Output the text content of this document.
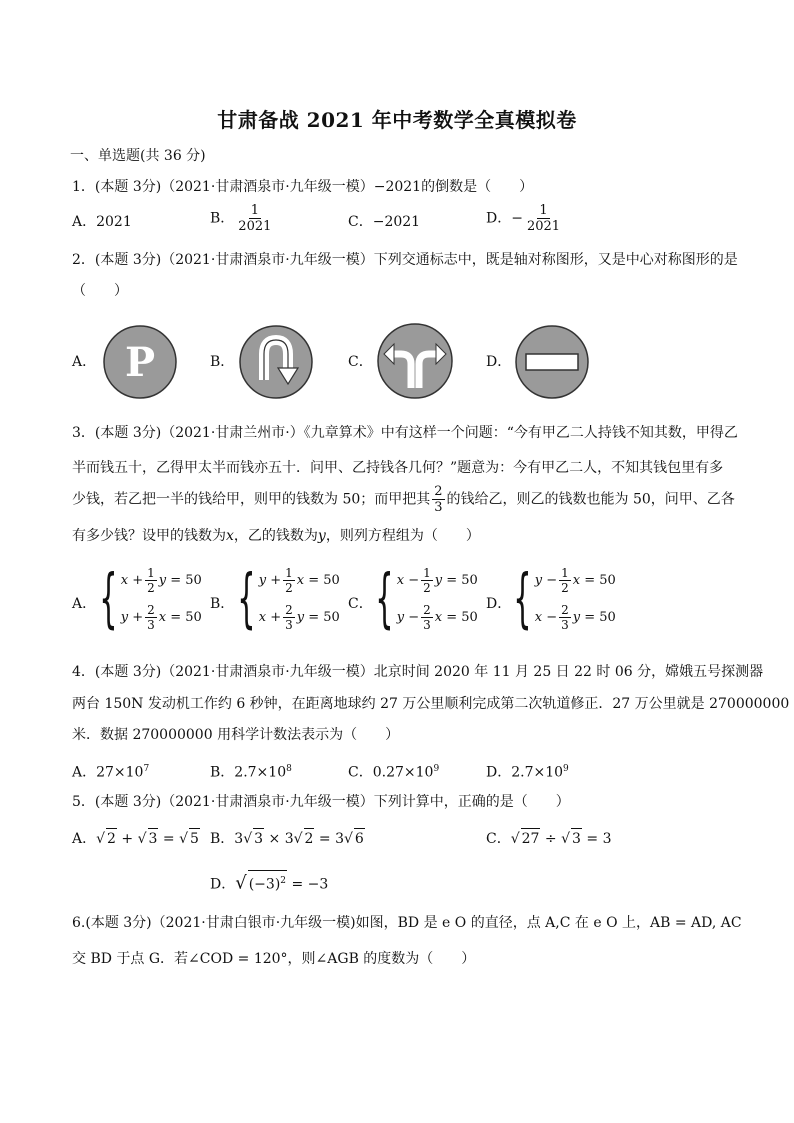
甘肃备战 2021 年中考数学全真模拟卷
一、单选题(共 36 分)
1．(本题 3分)（2021·甘肃酒泉市·九年级一模）−2021的倒数是（　　）
A．2021	B． $\frac{1}{2021}$	C．−2021	D．− $\frac{1}{2021}$
2．(本题 3分)（2021·甘肃酒泉市·九年级一模）下列交通标志中，既是轴对称图形，又是中心对称图形的是
（　　）
A． P	B．	C．	D．
3．(本题 3分)（2021·甘肃兰州市·）《九章算术》中有这样一个问题：“今有甲乙二人持钱不知其数，甲得乙
半而钱五十，乙得甲太半而钱亦五十．问甲、乙持钱各几何？”题意为：今有甲乙二人，不知其钱包里有多
少钱，若乙把一半的钱给甲，则甲的钱数为 50；而甲把其 $\frac{2}{3}$ 的钱给乙，则乙的钱数也能为 50，问甲、乙各
有多少钱？设甲的钱数为x，乙的钱数为y，则列方程组为（　　）
A． { $x + \frac{1}{2}$ y
= 50
$y + \frac{2}{3}$ x
= 50
B． { $y + \frac{1}{2}$ x
= 50
$x + \frac{2}{3}$ y
= 50
C． { $x - \frac{1}{2}$ y
= 50
$y - \frac{2}{3}$ x
= 50
D． { $y - \frac{1}{2}$ x
= 50
$x - \frac{2}{3}$ y
= 50
4．(本题 3分)（2021·甘肃酒泉市·九年级一模）北京时间 2020 年 11 月 25 日 22 时 06 分，嫦娥五号探测器
两台 150N 发动机工作约 6 秒钟，在距离地球约 27 万公里顺利完成第二次轨道修正．27 万公里就是 270000000
米．数据 270000000 用科学计数法表示为（　　）
A．$27\times 10^7$	B．$2.7\times 10^8$	C．$0.27\times 10^9$	D．$2.7\times 10^9$
5．(本题 3分)（2021·甘肃酒泉市·九年级一模）下列计算中，正确的是（　　）
A．√ 2 + √ 3 = √ 5 B．3√ 3 × 3√ 2 = 3√ 6	C．√ 27 ÷ √ 3 = 3
D．√ $(-3)^2 = -3$
6.(本题 3分)（2021·甘肃白银市·九年级一模)如图，BD 是 e O 的直径，点 A,C 在 e O 上，AB = AD, AC
交 BD 于点 G．若∠COD = 120°，则∠AGB 的度数为（　　）
